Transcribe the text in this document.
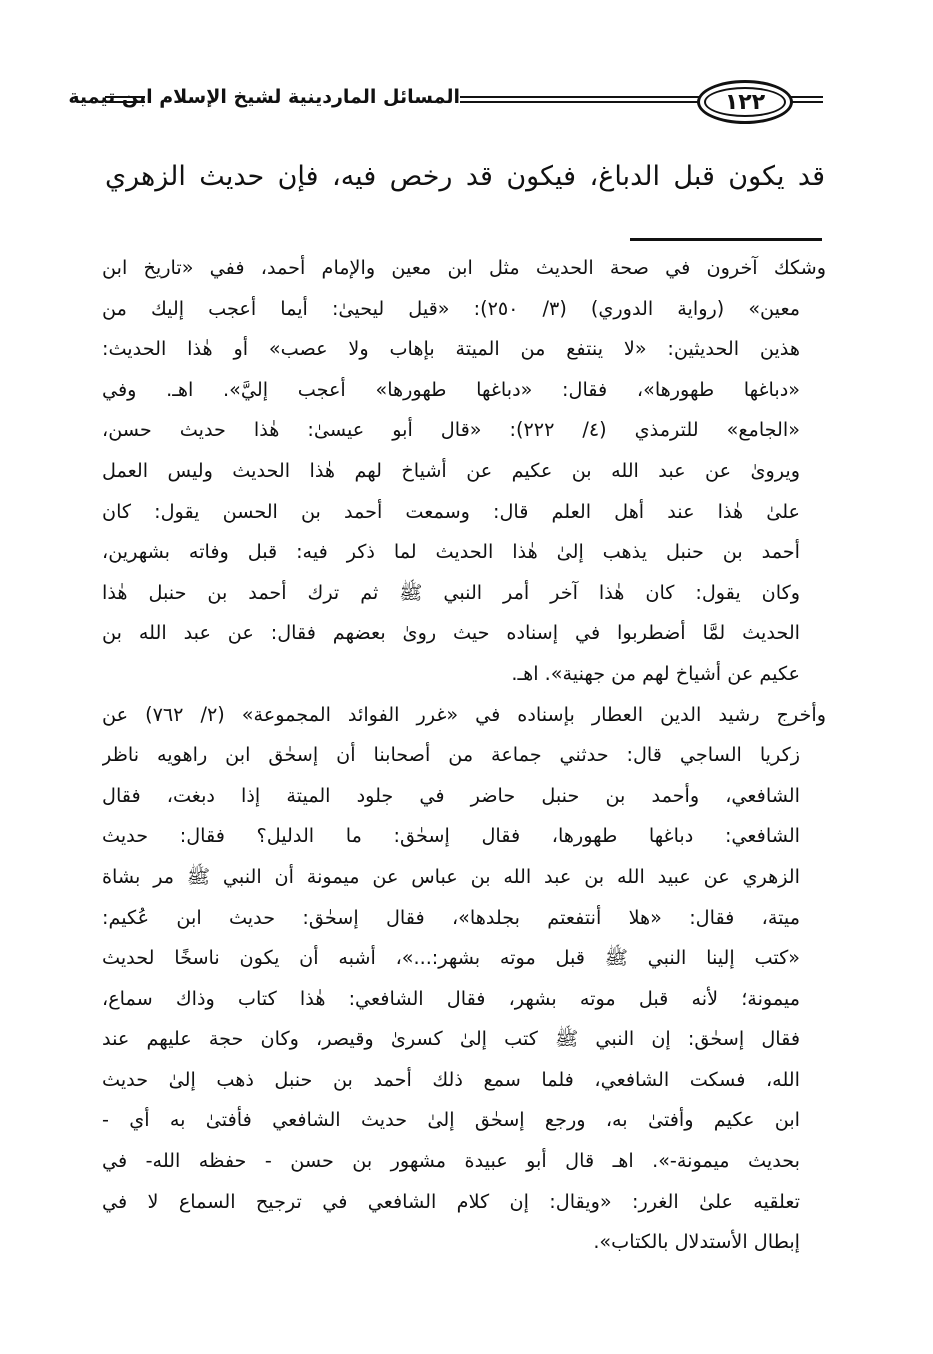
المسائل الماردينية لشيخ الإسلام ابن تيمية	١٢٢
قد يكون قبل الدباغ، فيكون قد رخص فيه، فإن حديث الزهري
وشكك آخرون في صحة الحديث مثل ابن معين والإمام أحمد، ففي «تاريخ ابن
معين» (رواية الدوري) (٣/ ٢٥٠): «قيل ليحيىٰ: أيما أعجب إليك من
هذين الحديثين: «لا ينتفع من الميتة بإهاب ولا عصب» أو هٰذا الحديث:
«دباغها طهورها»، فقال: «دباغها طهورها» أعجب إليَّ». اهـ. وفي
«الجامع» للترمذي (٤/ ٢٢٢): «قال أبو عيسىٰ: هٰذا حديث حسن،
ويروىٰ عن عبد الله بن عكيم عن أشياخ لهم هٰذا الحديث وليس العمل
علىٰ هٰذا عند أهل العلم قال: وسمعت أحمد بن الحسن يقول: كان
أحمد بن حنبل يذهب إلىٰ هٰذا الحديث لما ذكر فيه: قبل وفاته بشهرين،
وكان يقول: كان هٰذا آخر أمر النبي ﷺ ثم ترك أحمد بن حنبل هٰذا
الحديث لمَّا أضطربوا في إسناده حيث روىٰ بعضهم فقال: عن عبد الله بن
عكيم عن أشياخ لهم من جهنية». اهـ.
وأخرج رشيد الدين العطار بإسناده في «غرر الفوائد المجموعة» (٢/ ٧٦٢) عن
زكريا الساجي قال: حدثني جماعة من أصحابنا أن إسحٰق ابن راهويه ناظر
الشافعي، وأحمد بن حنبل حاضر في جلود الميتة إذا دبغت، فقال
الشافعي: دباغها طهورها، فقال إسحٰق: ما الدليل؟ فقال: حديث
الزهري عن عبيد الله بن عبد الله بن عباس عن ميمونة أن النبي ﷺ مر بشاة
ميتة، فقال: «هلا أنتفعتم بجلدها»، فقال إسحٰق: حديث ابن عُكيم:
«كتب إلينا النبي ﷺ قبل موته بشهر:...»، أشبه أن يكون ناسخًا لحديث
ميمونة؛ لأنه قبل موته بشهر، فقال الشافعي: هٰذا كتاب وذاك سماع،
فقال إسحٰق: إن النبي ﷺ كتب إلىٰ كسرىٰ وقيصر، وكان حجة عليهم عند
الله، فسكت الشافعي، فلما سمع ذلك أحمد بن حنبل ذهب إلىٰ حديث
ابن عكيم وأفتىٰ به، ورجع إسحٰق إلىٰ حديث الشافعي فأفتىٰ به أي -
بحديث ميمونة-». اهـ قال أبو عبيدة مشهور بن حسن - حفظه الله- في
تعلقيه علىٰ الغرر: «ويقال: إن كلام الشافعي في ترجيح السماع لا في
إبطال الأستدلال بالكتاب».
